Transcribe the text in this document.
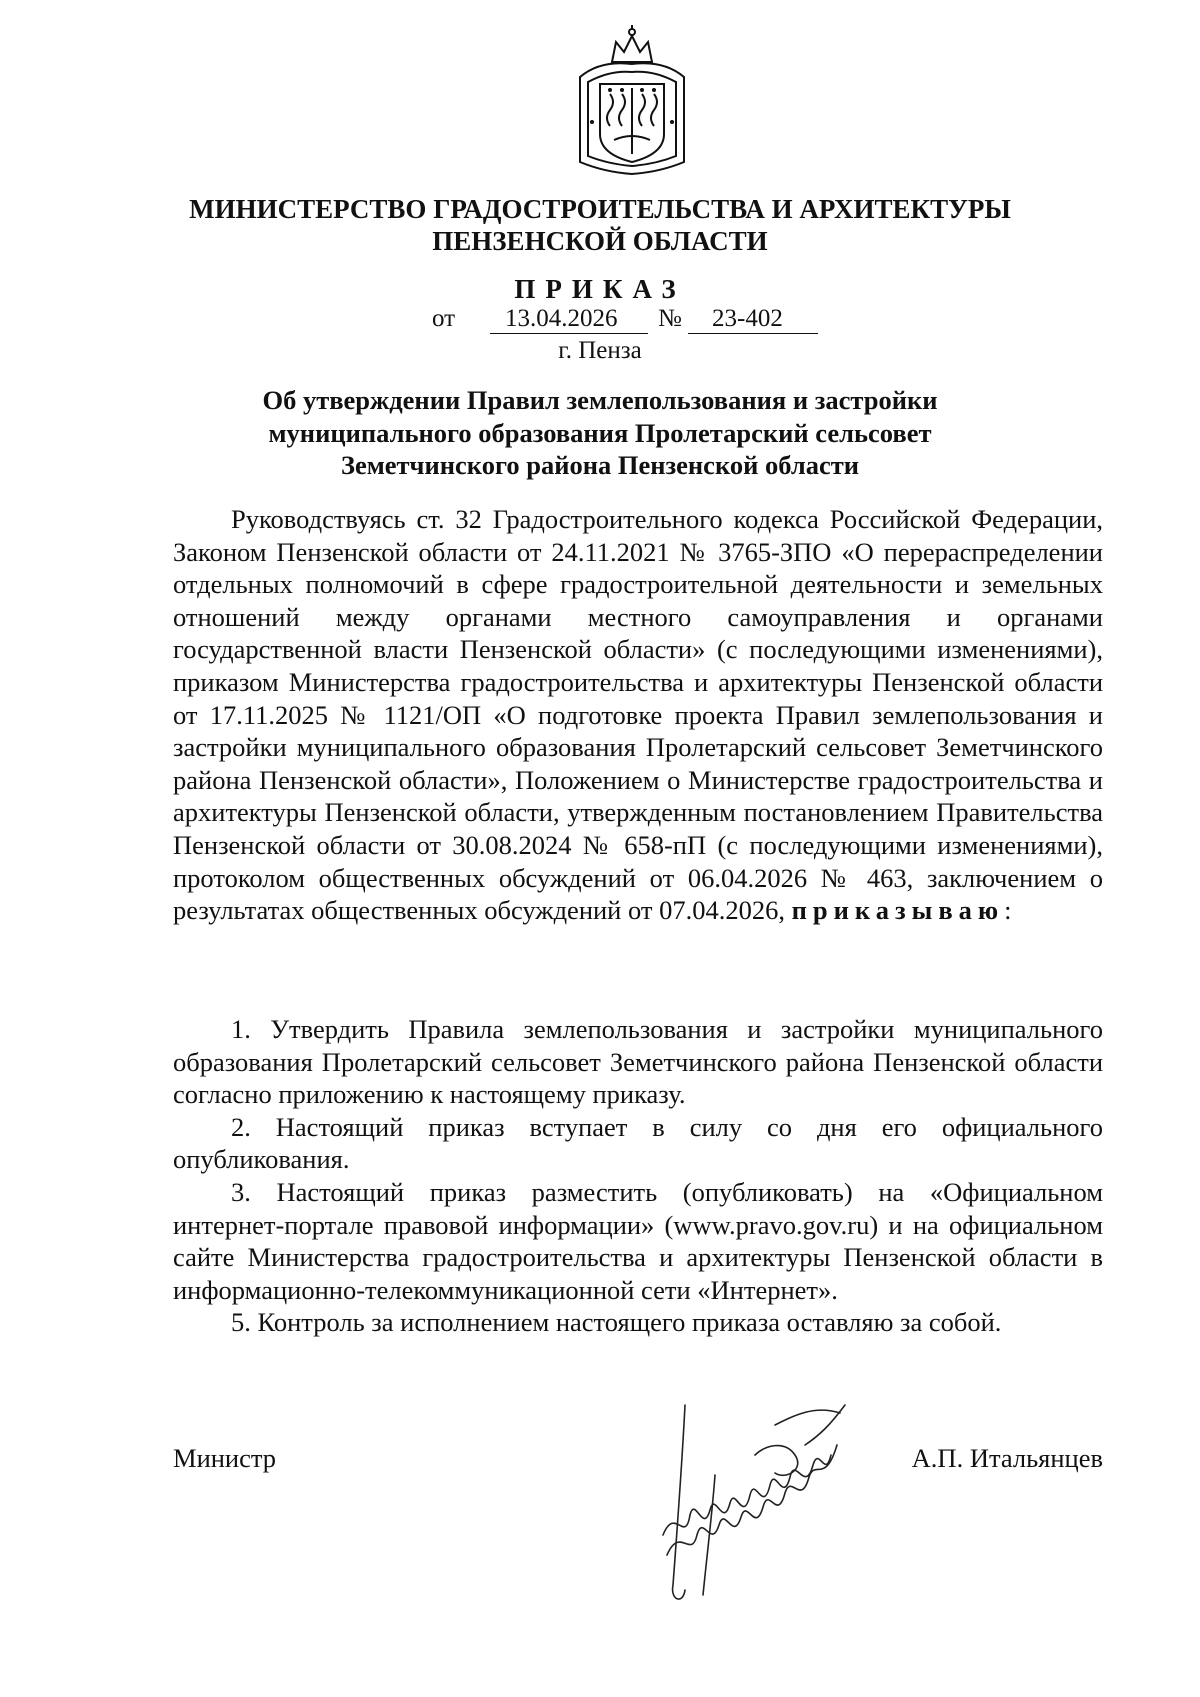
МИНИСТЕРСТВО ГРАДОСТРОИТЕЛЬСТВА И АРХИТЕКТУРЫ
ПЕНЗЕНСКОЙ ОБЛАСТИ
ПРИКАЗ
от 13.04.2026 № 23-402
г. Пенза
Об утверждении Правил землепользования и застройки
муниципального образования Пролетарский сельсовет
Земетчинского района Пензенской области

Руководствуясь ст. 32 Градостроительного кодекса Российской Федерации, Законом Пензенской области от 24.11.2021 № 3765-ЗПО «О перераспределении отдельных полномочий в сфере градостроительной деятельности и земельных отношений между органами местного самоуправления и органами государственной власти Пензенской области» (с последующими изменениями), приказом Министерства градостроительства и архитектуры Пензенской области от 17.11.2025 № 1121/ОП «О подготовке проекта Правил землепользования и застройки муниципального образования Пролетарский сельсовет Земетчинского района Пензенской области», Положением о Министерстве градостроительства и архитектуры Пензенской области, утвержденным постановлением Правительства Пензенской области от 30.08.2024 № 658-пП (с последующими изменениями), протоколом общественных обсуждений от 06.04.2026 № 463, заключением о результатах общественных обсуждений от 07.04.2026, приказываю:

1. Утвердить Правила землепользования и застройки муниципального образования Пролетарский сельсовет Земетчинского района Пензенской области согласно приложению к настоящему приказу.

2. Настоящий приказ вступает в силу со дня его официального опубликования.

3. Настоящий приказ разместить (опубликовать) на «Официальном интернет-портале правовой информации» (www.pravo.gov.ru) и на официальном сайте Министерства градостроительства и архитектуры Пензенской области в информационно-телекоммуникационной сети «Интернет».

5. Контроль за исполнением настоящего приказа оставляю за собой.

Министр	А.П. Итальянцев
